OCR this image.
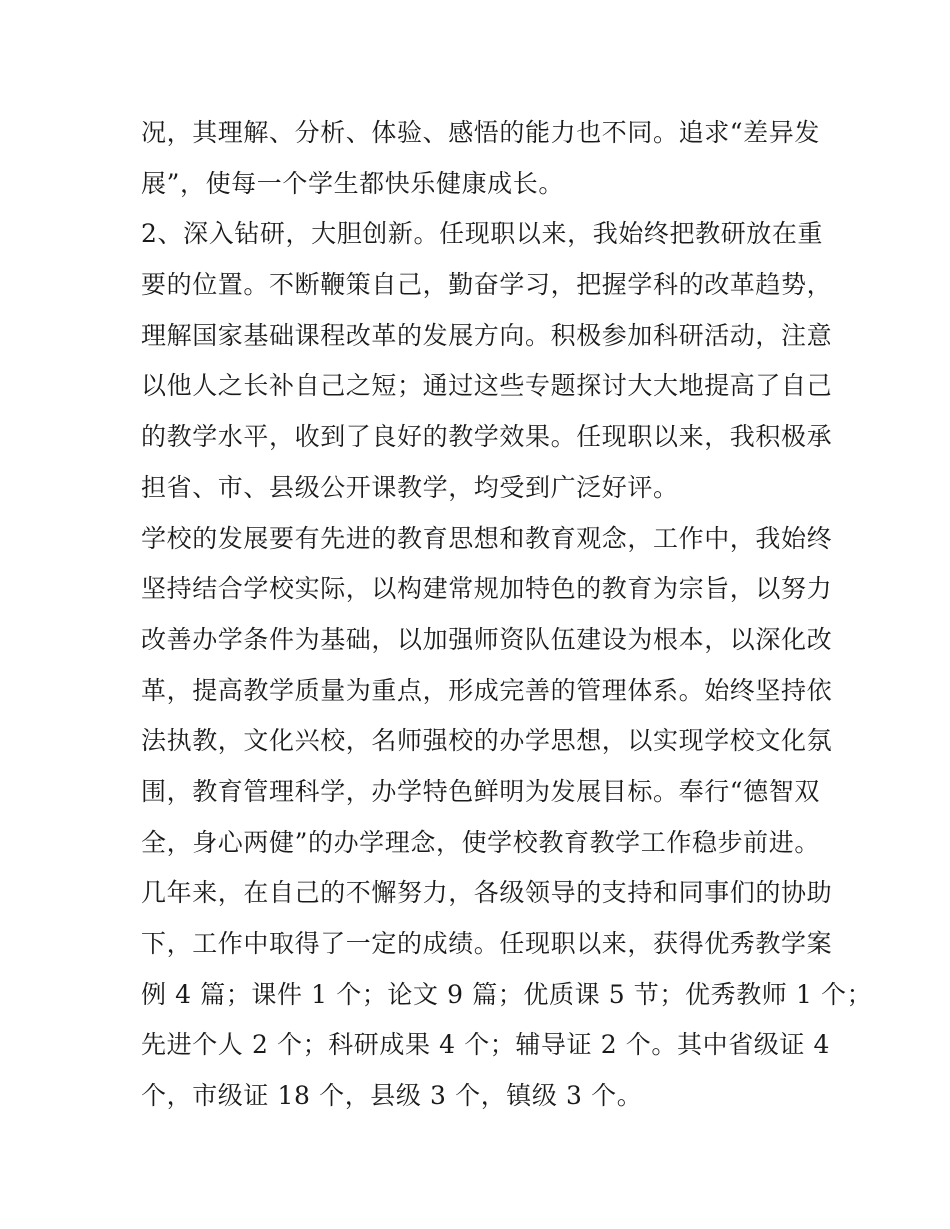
况，其理解、分析、体验、感悟的能力也不同。追求“差异发
展”，使每一个学生都快乐健康成长。
2、深入钻研，大胆创新。任现职以来，我始终把教研放在重
要的位置。不断鞭策自己，勤奋学习，把握学科的改革趋势，
理解国家基础课程改革的发展方向。积极参加科研活动，注意
以他人之长补自己之短；通过这些专题探讨大大地提高了自己
的教学水平，收到了良好的教学效果。任现职以来，我积极承
担省、市、县级公开课教学，均受到广泛好评。
学校的发展要有先进的教育思想和教育观念，工作中，我始终
坚持结合学校实际，以构建常规加特色的教育为宗旨，以努力
改善办学条件为基础，以加强师资队伍建设为根本，以深化改
革，提高教学质量为重点，形成完善的管理体系。始终坚持依
法执教，文化兴校，名师强校的办学思想，以实现学校文化氛
围，教育管理科学，办学特色鲜明为发展目标。奉行“德智双
全，身心两健”的办学理念，使学校教育教学工作稳步前进。
几年来，在自己的不懈努力，各级领导的支持和同事们的协助
下，工作中取得了一定的成绩。任现职以来，获得优秀教学案
例 4 篇；课件 1 个；论文 9 篇；优质课 5 节；优秀教师 1 个；
先进个人 2 个；科研成果 4 个；辅导证 2 个。其中省级证 4
个，市级证 18 个，县级 3 个，镇级 3 个。
